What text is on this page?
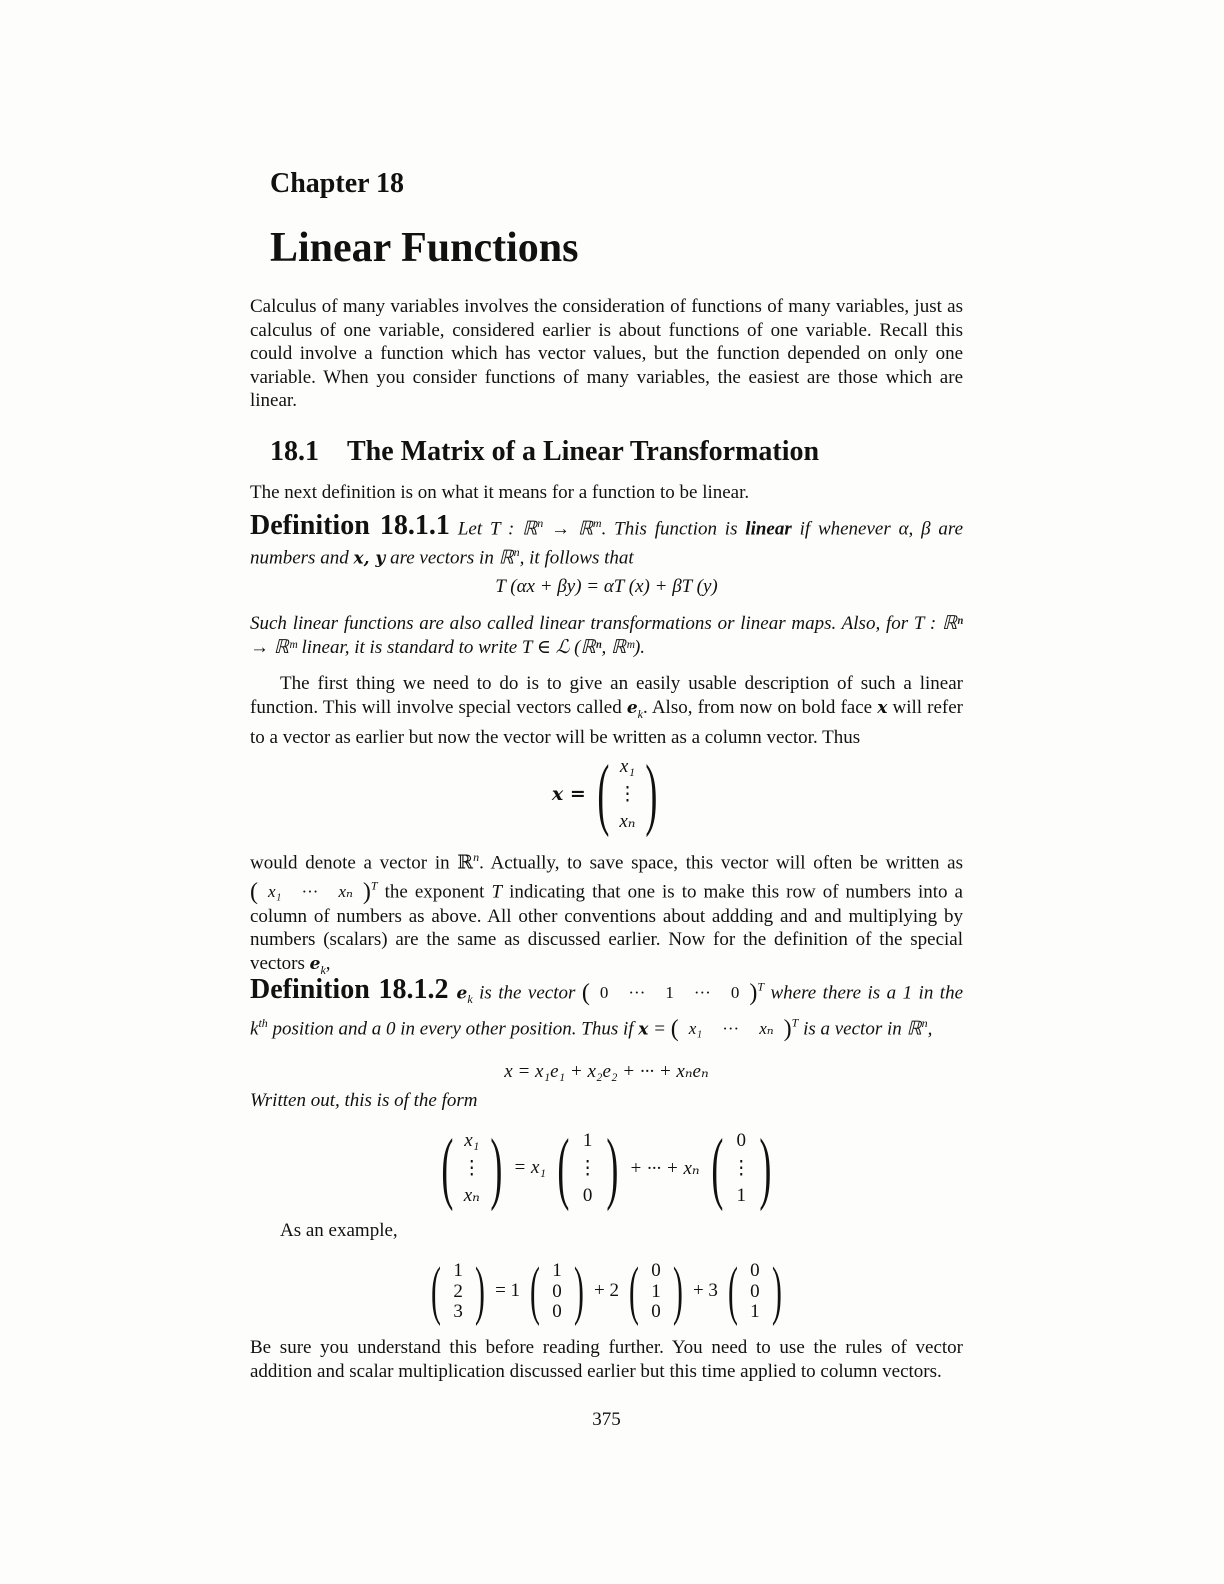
Chapter 18
Linear Functions

Calculus of many variables involves the consideration of functions of many variables, just as calculus of one variable, considered earlier is about functions of one variable. Recall this could involve a function which has vector values, but the function depended on only one variable. When you consider functions of many variables, the easiest are those which are linear.

18.1 The Matrix of a Linear Transformation

The next definition is on what it means for a function to be linear.

Definition 18.1.1 Let T : ℝ$^n$ → ℝ$^m$. This function is linear if whenever α, β are numbers and x, y are vectors in ℝ$^n$, it follows that

T (αx + βy) = αT (x) + βT (y)

Such linear functions are also called linear transformations or linear maps. Also, for T : ℝⁿ → ℝᵐ linear, it is standard to write T ∈ ℒ (ℝⁿ, ℝᵐ).

The first thing we need to do is to give an easily usable description of such a linear function. This will involve special vectors called $e_k$. Also, from now on bold face x will refer to a vector as earlier but now the vector will be written as a column vector. Thus

x = ( x₁
⋮
xₙ )

would denote a vector in ℝ$^n$. Actually, to save space, this vector will often be written as ( x₁ ··· xₙ )$^T$ the exponent T indicating that one is to make this row of numbers into a column of numbers as above. All other conventions about addding and and multiplying by numbers (scalars) are the same as discussed earlier. Now for the definition of the special vectors $e_k$,

Definition 18.1.2 $e_k$ is the vector ( 0 ··· 1 ··· 0 )$^T$ where there is a 1 in the $k^{th}$ position and a 0 in every other position. Thus if x = ( x₁ ··· xₙ )$^T$ is a vector in ℝ$^n$,

x = x₁e₁ + x₂e₂ + ··· + xₙeₙ

Written out, this is of the form

( x₁
⋮
xₙ ) = x₁ ( 1
⋮
0 ) + ··· + xₙ ( 0
⋮
1 )

As an example,

( 1
2
3 ) = 1 ( 1
0
0 ) + 2 ( 0
1
0 ) + 3 ( 0
0
1 )

Be sure you understand this before reading further. You need to use the rules of vector addition and scalar multiplication discussed earlier but this time applied to column vectors.

375
